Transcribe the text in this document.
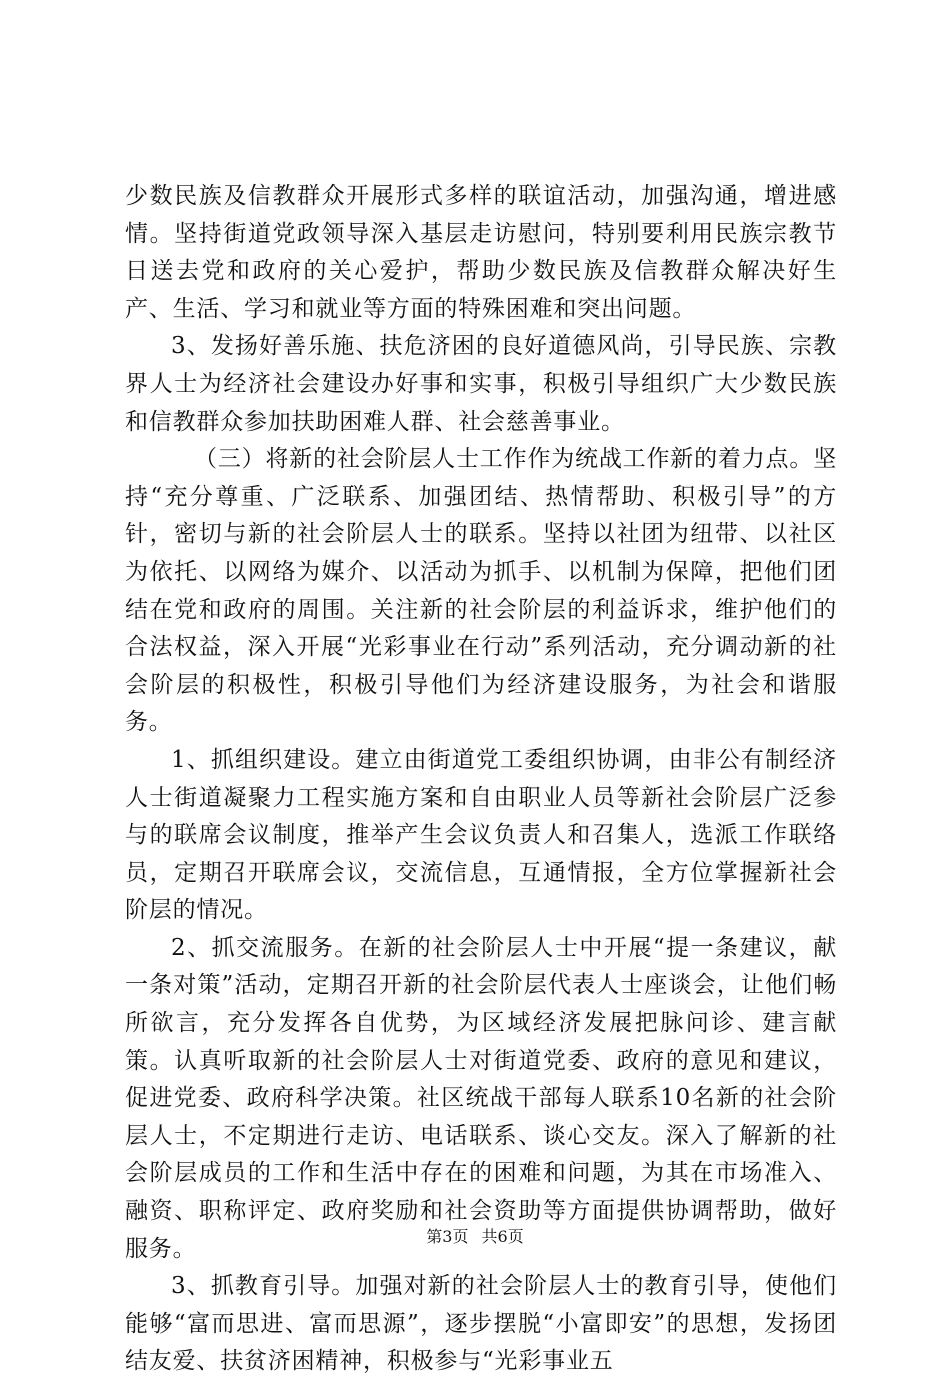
少数民族及信教群众开展形式多样的联谊活动，加强沟通，增进感情。坚持街道党政领导深入基层走访慰问，特别要利用民族宗教节日送去党和政府的关心爱护，帮助少数民族及信教群众解决好生产、生活、学习和就业等方面的特殊困难和突出问题。

3、发扬好善乐施、扶危济困的良好道德风尚，引导民族、宗教界人士为经济社会建设办好事和实事，积极引导组织广大少数民族和信教群众参加扶助困难人群、社会慈善事业。

（三）将新的社会阶层人士工作作为统战工作新的着力点。坚持“充分尊重、广泛联系、加强团结、热情帮助、积极引导”的方针，密切与新的社会阶层人士的联系。坚持以社团为纽带、以社区为依托、以网络为媒介、以活动为抓手、以机制为保障，把他们团结在党和政府的周围。关注新的社会阶层的利益诉求，维护他们的合法权益，深入开展“光彩事业在行动”系列活动，充分调动新的社会阶层的积极性，积极引导他们为经济建设服务，为社会和谐服务。

1、抓组织建设。建立由街道党工委组织协调，由非公有制经济人士街道凝聚力工程实施方案和自由职业人员等新社会阶层广泛参与的联席会议制度，推举产生会议负责人和召集人，选派工作联络员，定期召开联席会议，交流信息，互通情报，全方位掌握新社会阶层的情况。

2、抓交流服务。在新的社会阶层人士中开展“提一条建议，献一条对策”活动，定期召开新的社会阶层代表人士座谈会，让他们畅所欲言，充分发挥各自优势，为区域经济发展把脉问诊、建言献策。认真听取新的社会阶层人士对街道党委、政府的意见和建议，促进党委、政府科学决策。社区统战干部每人联系10名新的社会阶层人士，不定期进行走访、电话联系、谈心交友。深入了解新的社会阶层成员的工作和生活中存在的困难和问题，为其在市场准入、融资、职称评定、政府奖励和社会资助等方面提供协调帮助，做好服务。

3、抓教育引导。加强对新的社会阶层人士的教育引导，使他们能够“富而思进、富而思源”，逐步摆脱“小富即安”的思想，发扬团结友爱、扶贫济困精神，积极参与“光彩事业五

第3页 共6页
